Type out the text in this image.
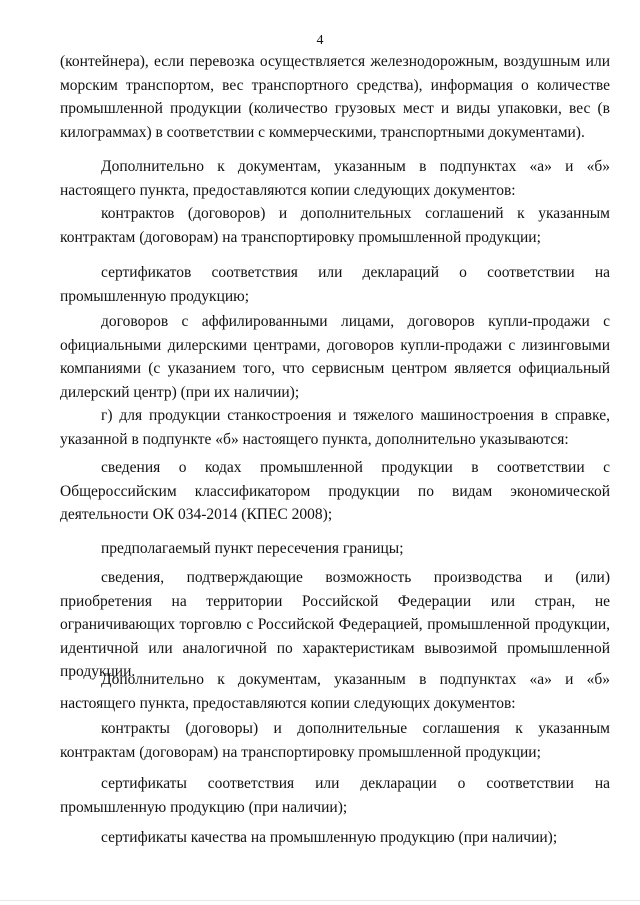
4

(контейнера), если перевозка осуществляется железнодорожным, воздушным или морским транспортом, вес транспортного средства), информация о количестве промышленной продукции (количество грузовых мест и виды упаковки, вес (в килограммах) в соответствии с коммерческими, транспортными документами).

Дополнительно к документам, указанным в подпунктах «а» и «б» настоящего пункта, предоставляются копии следующих документов:

контрактов (договоров) и дополнительных соглашений к указанным контрактам (договорам) на транспортировку промышленной продукции;

сертификатов соответствия или деклараций о соответствии на промышленную продукцию;

договоров с аффилированными лицами, договоров купли-продажи с официальными дилерскими центрами, договоров купли-продажи с лизинговыми компаниями (с указанием того, что сервисным центром является официальный дилерский центр) (при их наличии);

г) для продукции станкостроения и тяжелого машиностроения в справке, указанной в подпункте «б» настоящего пункта, дополнительно указываются:

сведения о кодах промышленной продукции в соответствии с Общероссийским классификатором продукции по видам экономической деятельности ОК 034-2014 (КПЕС 2008);

предполагаемый пункт пересечения границы;

сведения, подтверждающие возможность производства и (или) приобретения на территории Российской Федерации или стран, не ограничивающих торговлю с Российской Федерацией, промышленной продукции, идентичной или аналогичной по характеристикам вывозимой промышленной продукции.

Дополнительно к документам, указанным в подпунктах «а» и «б» настоящего пункта, предоставляются копии следующих документов:

контракты (договоры) и дополнительные соглашения к указанным контрактам (договорам) на транспортировку промышленной продукции;

сертификаты соответствия или декларации о соответствии на промышленную продукцию (при наличии);

сертификаты качества на промышленную продукцию (при наличии);
